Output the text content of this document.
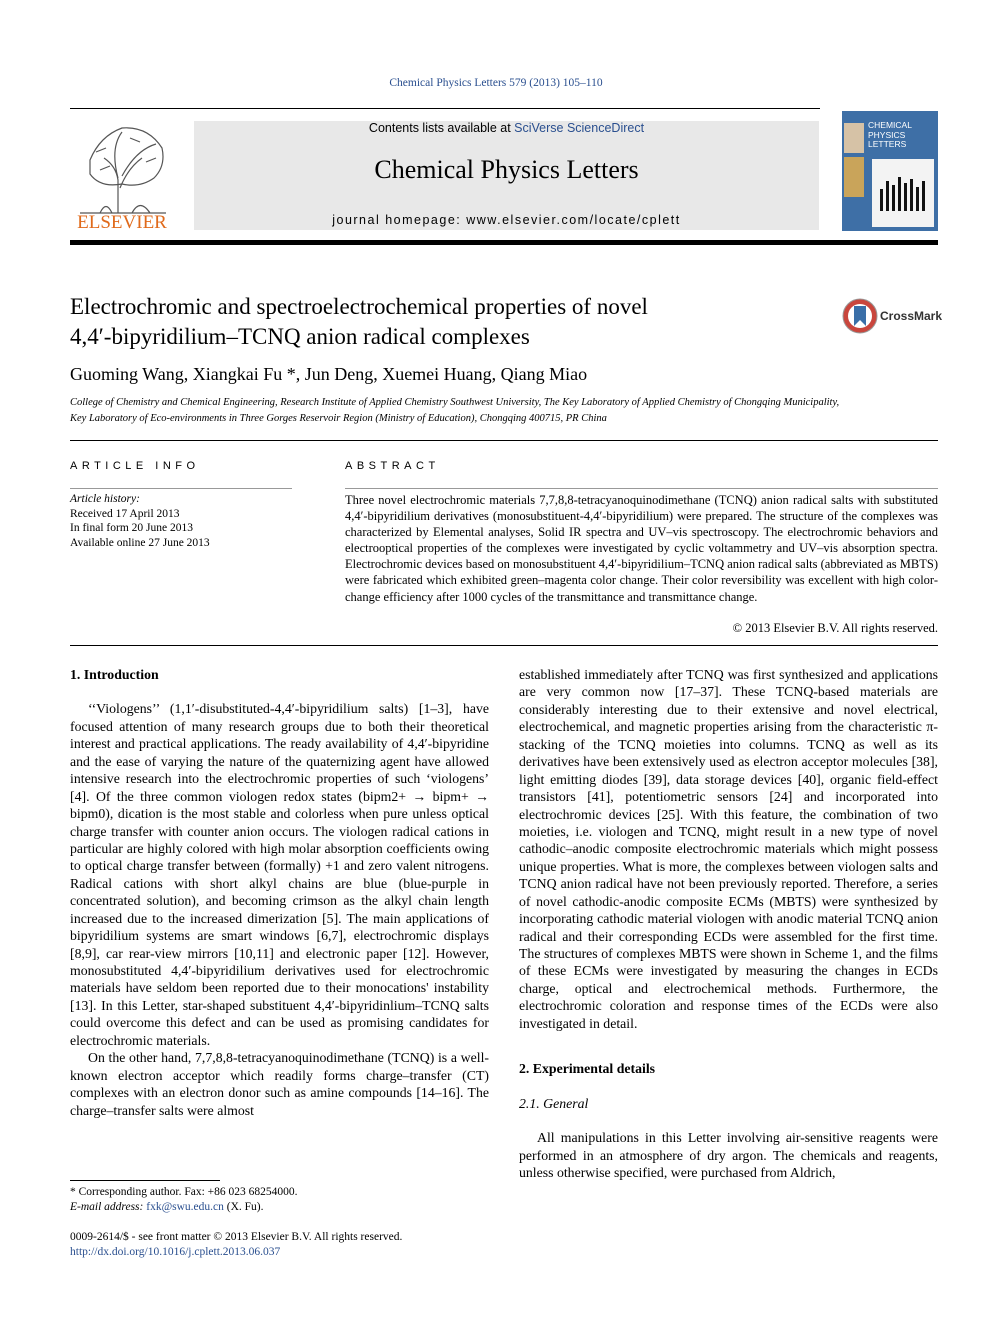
Chemical Physics Letters 579 (2013) 105–110
ELSEVIER
Contents lists available at SciVerse ScienceDirect
Chemical Physics Letters
journal homepage: www.elsevier.com/locate/cplett
CHEMICAL
PHYSICS
LETTERS
Electrochromic and spectroelectrochemical properties of novel
4,4′-bipyridilium–TCNQ anion radical complexes
CrossMark
Guoming Wang, Xiangkai Fu *, Jun Deng, Xuemei Huang, Qiang Miao
College of Chemistry and Chemical Engineering, Research Institute of Applied Chemistry Southwest University, The Key Laboratory of Applied Chemistry of Chongqing Municipality,
Key Laboratory of Eco-environments in Three Gorges Reservoir Region (Ministry of Education), Chongqing 400715, PR China
ARTICLE INFO
Article history:
Received 17 April 2013
In final form 20 June 2013
Available online 27 June 2013
ABSTRACT
Three novel electrochromic materials 7,7,8,8-tetracyanoquinodimethane (TCNQ) anion radical salts with substituted 4,4′-bipyridilium derivatives (monosubstituent-4,4′-bipyridilium) were prepared. The structure of the complexes was characterized by Elemental analyses, Solid IR spectra and UV–vis spectroscopy. The electrochromic behaviors and electrooptical properties of the complexes were investigated by cyclic voltammetry and UV–vis absorption spectra. Electrochromic devices based on monosubstituent 4,4′-bipyridilium–TCNQ anion radical salts (abbreviated as MBTS) were fabricated which exhibited green–magenta color change. Their color reversibility was excellent with high color-change efficiency after 1000 cycles of the transmittance and transmittance change.
© 2013 Elsevier B.V. All rights reserved.

1. Introduction

‘‘Viologens’’ (1,1′-disubstituted-4,4′-bipyridilium salts) [1–3], have focused attention of many research groups due to both their theoretical interest and practical applications. The ready availability of 4,4′-bipyridine and the ease of varying the nature of the quaternizing agent have allowed intensive research into the electrochromic properties of such ‘viologens’ [4]. Of the three common viologen redox states (bipm2+ → bipm+ → bipm0), dication is the most stable and colorless when pure unless optical charge transfer with counter anion occurs. The viologen radical cations in particular are highly colored with high molar absorption coefficients owing to optical charge transfer between (formally) +1 and zero valent nitrogens. Radical cations with short alkyl chains are blue (blue-purple in concentrated solution), and becoming crimson as the alkyl chain length increased due to the increased dimerization [5]. The main applications of bipyridilium systems are smart windows [6,7], electrochromic displays [8,9], car rear-view mirrors [10,11] and electronic paper [12]. However, monosubstituted 4,4′-bipyridilium derivatives used for electrochromic materials have seldom been reported due to their monocations' instability [13]. In this Letter, star-shaped substituent 4,4′-bipyridinlium–TCNQ salts could overcome this defect and can be used as promising candidates for electrochromic materials.

On the other hand, 7,7,8,8-tetracyanoquinodimethane (TCNQ) is a well-known electron acceptor which readily forms charge–transfer (CT) complexes with an electron donor such as amine compounds [14–16]. The charge–transfer salts were almost

established immediately after TCNQ was first synthesized and applications are very common now [17–37]. These TCNQ-based materials are considerably interesting due to their extensive and novel electrical, electrochemical, and magnetic properties arising from the characteristic π-stacking of the TCNQ moieties into columns. TCNQ as well as its derivatives have been extensively used as electron acceptor molecules [38], light emitting diodes [39], data storage devices [40], organic field-effect transistors [41], potentiometric sensors [24] and incorporated into electrochromic devices [25]. With this feature, the combination of two moieties, i.e. viologen and TCNQ, might result in a new type of novel cathodic–anodic composite electrochromic materials which might possess unique properties. What is more, the complexes between viologen salts and TCNQ anion radical have not been previously reported. Therefore, a series of novel cathodic-anodic composite ECMs (MBTS) were synthesized by incorporating cathodic material viologen with anodic material TCNQ anion radical and their corresponding ECDs were assembled for the first time. The structures of complexes MBTS were shown in Scheme 1, and the films of these ECMs were investigated by measuring the changes in ECDs charge, optical and electrochemical methods. Furthermore, the electrochromic coloration and response times of the ECDs were also investigated in detail.

2. Experimental details

2.1. General

All manipulations in this Letter involving air-sensitive reagents were performed in an atmosphere of dry argon. The chemicals and reagents, unless otherwise specified, were purchased from Aldrich,

* Corresponding author. Fax: +86 023 68254000.
E-mail address: fxk@swu.edu.cn (X. Fu).
0009-2614/$ - see front matter © 2013 Elsevier B.V. All rights reserved.
http://dx.doi.org/10.1016/j.cplett.2013.06.037
